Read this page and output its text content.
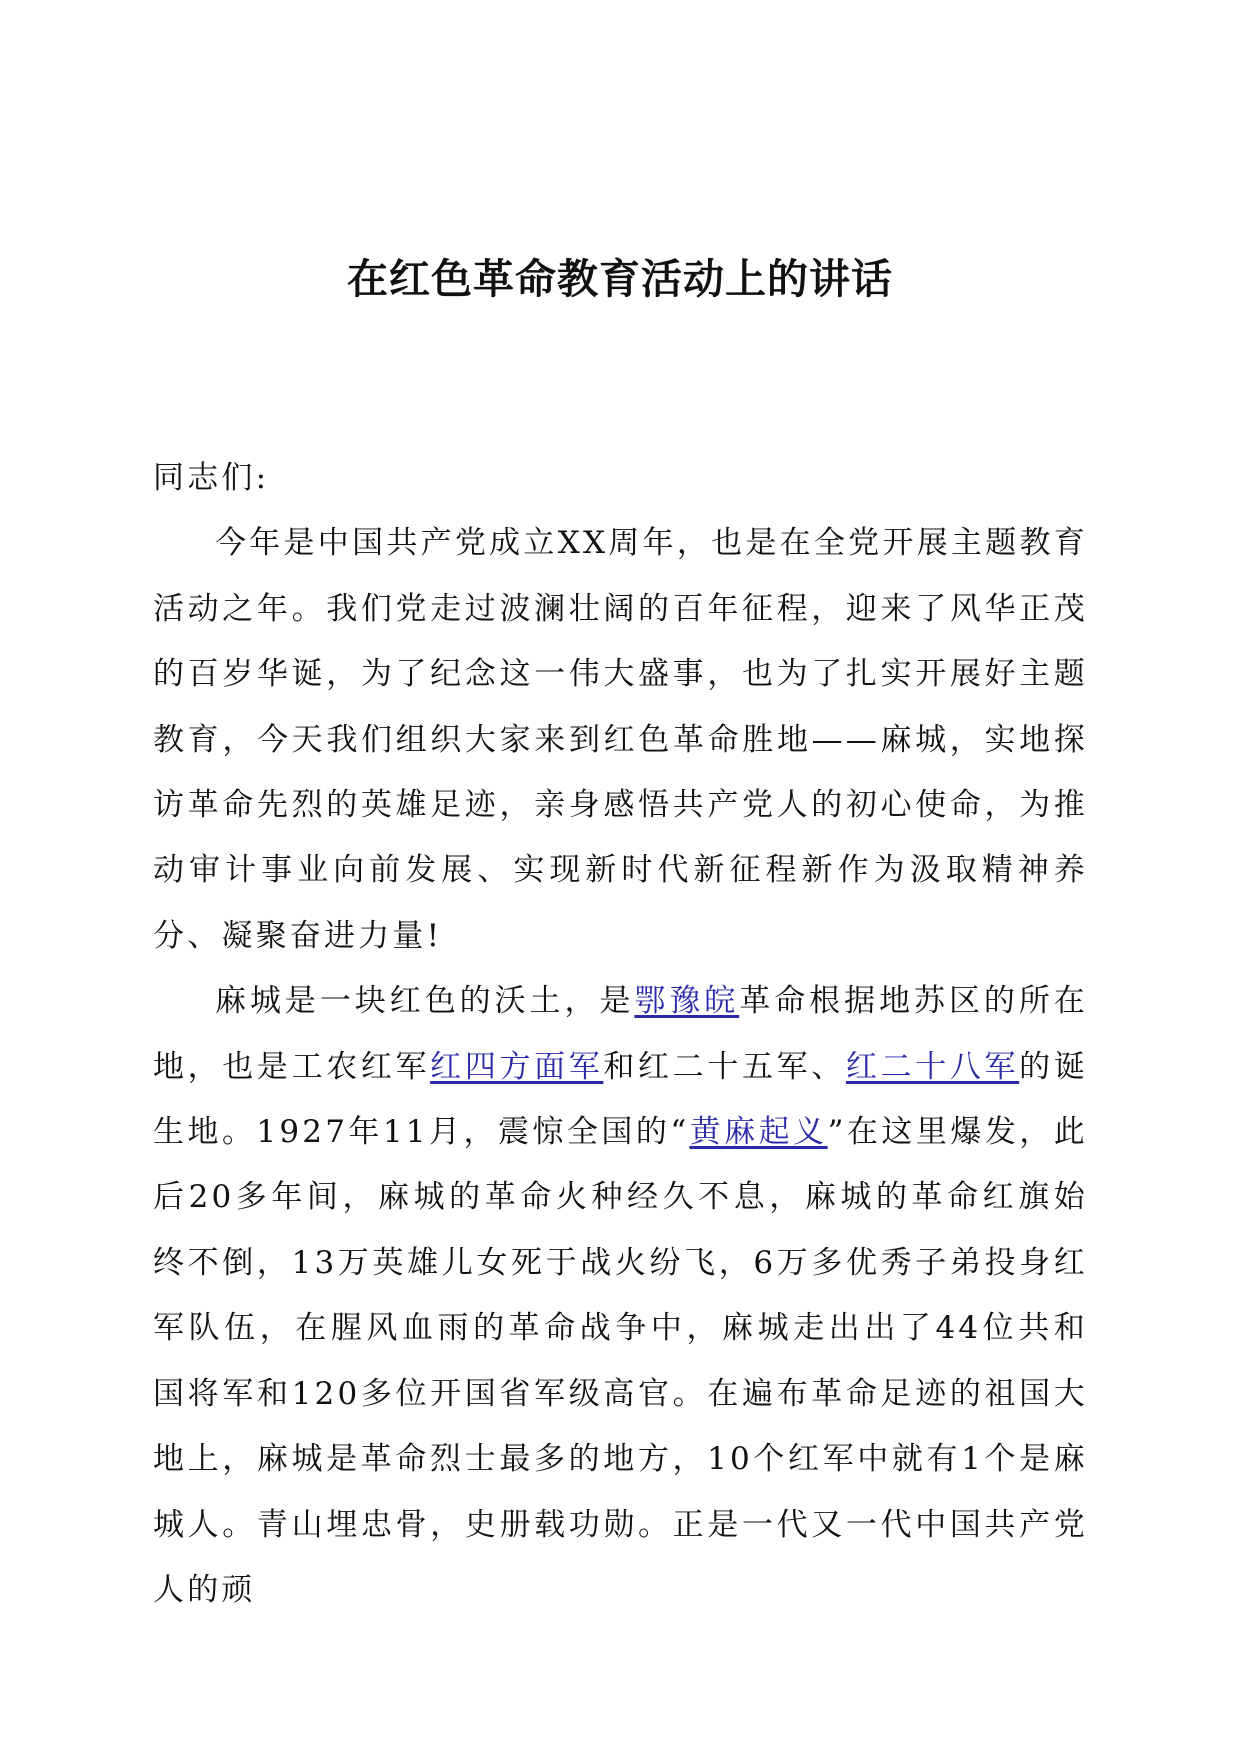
在红色革命教育活动上的讲话

同志们:

今年是中国共产党成立XX周年，也是在全党开展主题教育活动之年。我们党走过波澜壮阔的百年征程，迎来了风华正茂的百岁华诞，为了纪念这一伟大盛事，也为了扎实开展好主题教育，今天我们组织大家来到红色革命胜地——麻城，实地探访革命先烈的英雄足迹，亲身感悟共产党人的初心使命，为推动审计事业向前发展、实现新时代新征程新作为汲取精神养分、凝聚奋进力量!

麻城是一块红色的沃土，是鄂豫皖革命根据地苏区的所在地，也是工农红军红四方面军和红二十五军、红二十八军的诞生地。1927年11月，震惊全国的“黄麻起义”在这里爆发，此后20多年间，麻城的革命火种经久不息，麻城的革命红旗始终不倒，13万英雄儿女死于战火纷飞，6万多优秀子弟投身红军队伍，在腥风血雨的革命战争中，麻城走出出了44位共和国将军和120多位开国省军级高官。在遍布革命足迹的祖国大地上，麻城是革命烈士最多的地方，10个红军中就有1个是麻城人。青山埋忠骨，史册载功勋。正是一代又一代中国共产党人的顽
